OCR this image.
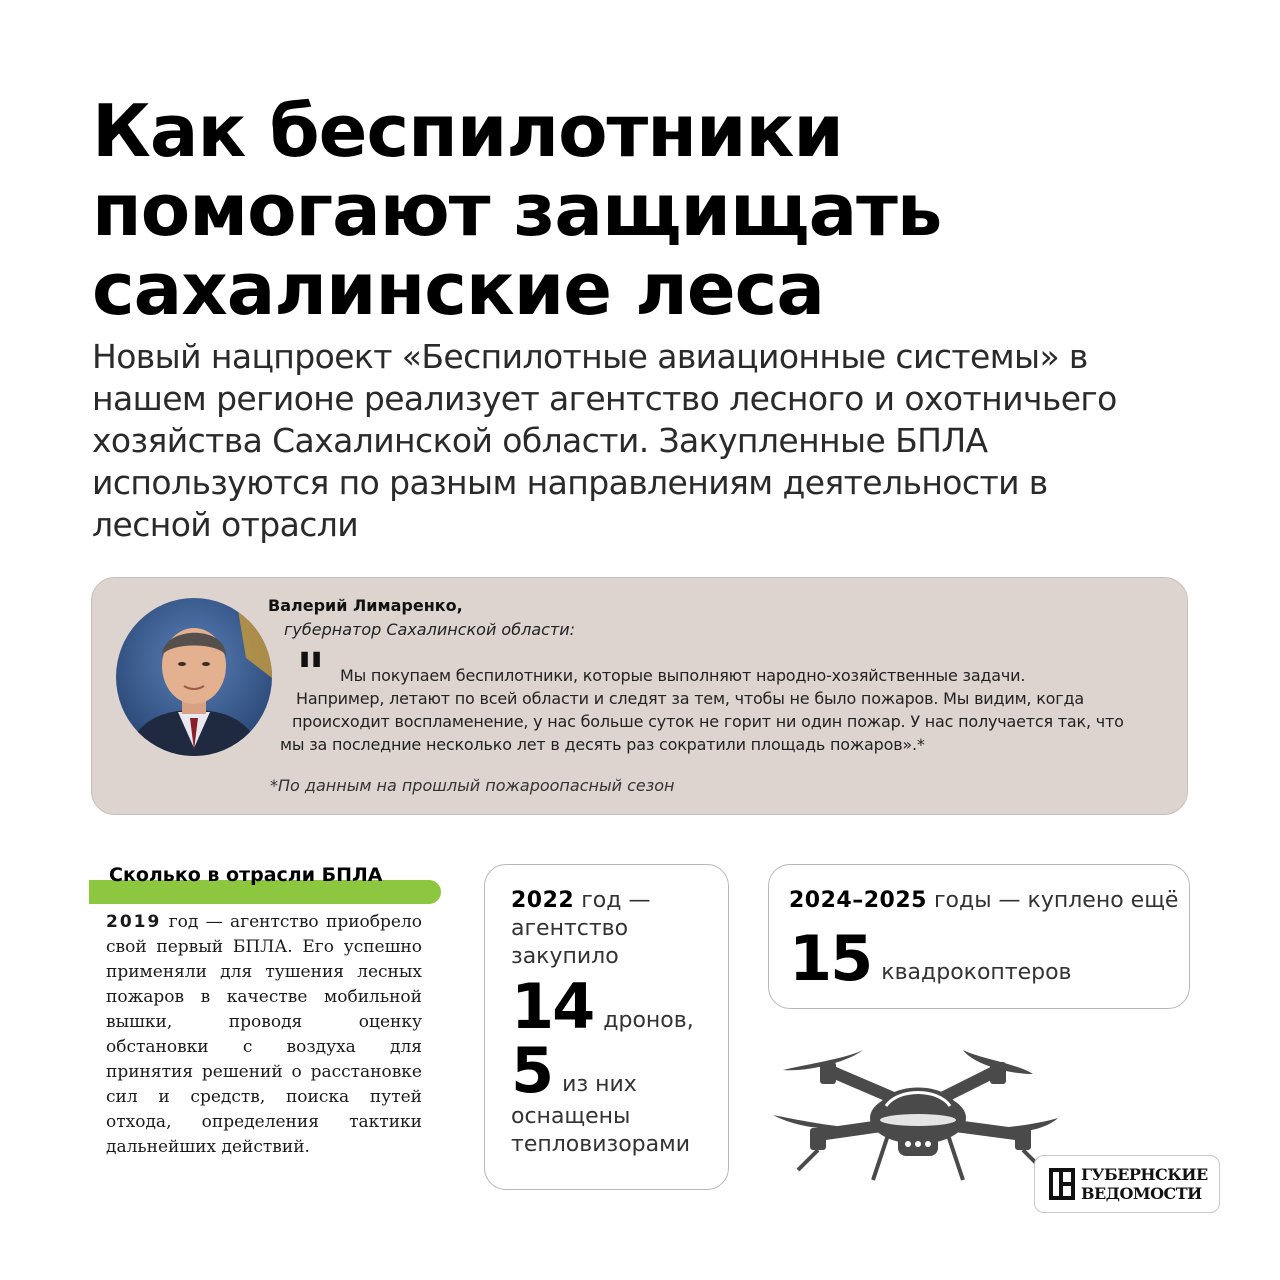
Как беспилотники
помогают защищать
сахалинские леса
Новый нацпроект «Беспилотные авиационные системы» в
нашем регионе реализует агентство лесного и охотничьего
хозяйства Сахалинской области. Закупленные БПЛА
используются по разным направлениям деятельности в
лесной отрасли
Валерий Лимаренко,
губернатор Сахалинской области:
" Мы покупаем беспилотники, которые выполняют народно-хозяйственные задачи.
Например, летают по всей области и следят за тем, чтобы не было пожаров. Мы видим, когда
происходит воспламенение, у нас больше суток не горит ни один пожар. У нас получается так, что
мы за последние несколько лет в десять раз сократили площадь пожаров».*
*По данным на прошлый пожароопасный сезон
Сколько в отрасли БПЛА
2019 год — агентство приобрело свой первый БПЛА. Его успешно применяли для тушения лесных пожаров в качестве мобильной вышки, проводя оценку обстановки с воздуха для принятия решений о расстановке сил и средств, поиска путей отхода, определения тактики дальнейших действий.
2022 год —
агентство
закупило
14 дронов,
5 из них
оснащены
тепловизорами
2024–2025 годы — куплено ещё
15 квадрокоптеров
ГУБЕРНСКИЕ
ВЕДОМОСТИ
